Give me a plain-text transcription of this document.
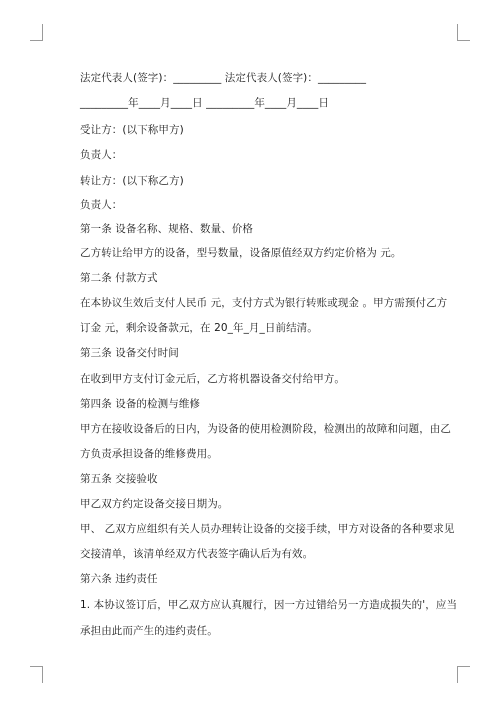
法定代表人(签字)：_________ 法定代表人(签字)：_________
_________年____月____日 _________年____月____日
受让方：(以下称甲方)
负责人：
转让方：(以下称乙方)
负责人：
第一条 设备名称、规格、数量、价格
乙方转让给甲方的设备，型号数量，设备原值经双方约定价格为 元。
第二条 付款方式
在本协议生效后支付人民币 元，支付方式为银行转账或现金 。甲方需预付乙方
订金 元，剩余设备款元，在 20_年_月_日前结清。
第三条 设备交付时间
在收到甲方支付订金元后，乙方将机器设备交付给甲方。
第四条 设备的检测与维修
甲方在接收设备后的日内，为设备的使用检测阶段，检测出的故障和问题，由乙
方负责承担设备的维修费用。
第五条 交接验收
甲乙双方约定设备交接日期为。
甲、 乙双方应组织有关人员办理转让设备的交接手续，甲方对设备的各种要求见
交接清单，该清单经双方代表签字确认后为有效。
第六条 违约责任
1. 本协议签订后，甲乙双方应认真履行，因一方过错给另一方造成损失的'，应当
承担由此而产生的违约责任。
